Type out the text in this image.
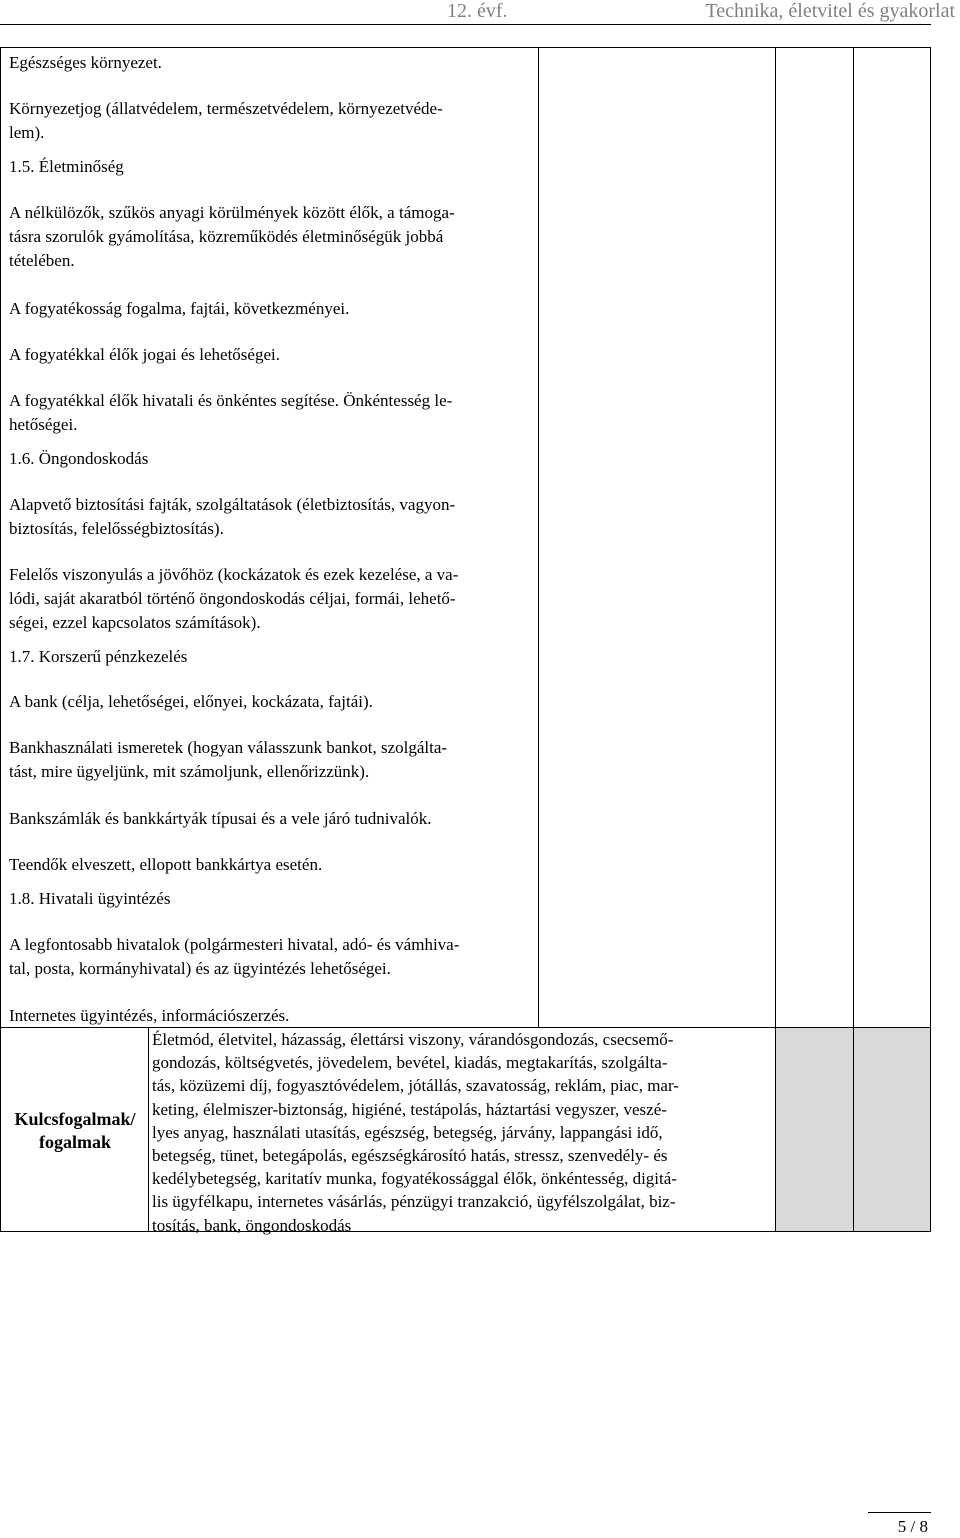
12. évf.	Technika, életvitel és gyakorlat
Egészséges környezet.
Környezetjog (állatvédelem, természetvédelem, környezetvéde-
lem).
1.5. Életminőség
A nélkülözők, szűkös anyagi körülmények között élők, a támoga-
tásra szorulók gyámolítása, közreműködés életminőségük jobbá
tételében.
A fogyatékosság fogalma, fajtái, következményei.
A fogyatékkal élők jogai és lehetőségei.
A fogyatékkal élők hivatali és önkéntes segítése. Önkéntesség le-
hetőségei.
1.6. Öngondoskodás
Alapvető biztosítási fajták, szolgáltatások (életbiztosítás, vagyon-
biztosítás, felelősségbiztosítás).
Felelős viszonyulás a jövőhöz (kockázatok és ezek kezelése, a va-
lódi, saját akaratból történő öngondoskodás céljai, formái, lehető-
ségei, ezzel kapcsolatos számítások).
1.7. Korszerű pénzkezelés
A bank (célja, lehetőségei, előnyei, kockázata, fajtái).
Bankhasználati ismeretek (hogyan válasszunk bankot, szolgálta-
tást, mire ügyeljünk, mit számoljunk, ellenőrizzünk).
Bankszámlák és bankkártyák típusai és a vele járó tudnivalók.
Teendők elveszett, ellopott bankkártya esetén.
1.8. Hivatali ügyintézés
A legfontosabb hivatalok (polgármesteri hivatal, adó- és vámhiva-
tal, posta, kormányhivatal) és az ügyintézés lehetőségei.
Internetes ügyintézés, információszerzés.
Kulcsfogalmak/
fogalmak
Életmód, életvitel, házasság, élettársi viszony, várandósgondozás, csecsemő-
gondozás, költségvetés, jövedelem, bevétel, kiadás, megtakarítás, szolgálta-
tás, közüzemi díj, fogyasztóvédelem, jótállás, szavatosság, reklám, piac, mar-
keting, élelmiszer-biztonság, higiéné, testápolás, háztartási vegyszer, veszé-
lyes anyag, használati utasítás, egészség, betegség, járvány, lappangási idő,
betegség, tünet, betegápolás, egészségkárosító hatás, stressz, szenvedély- és
kedélybetegség, karitatív munka, fogyatékossággal élők, önkéntesség, digitá-
lis ügyfélkapu, internetes vásárlás, pénzügyi tranzakció, ügyfélszolgálat, biz-
tosítás, bank, öngondoskodás
5 / 8
